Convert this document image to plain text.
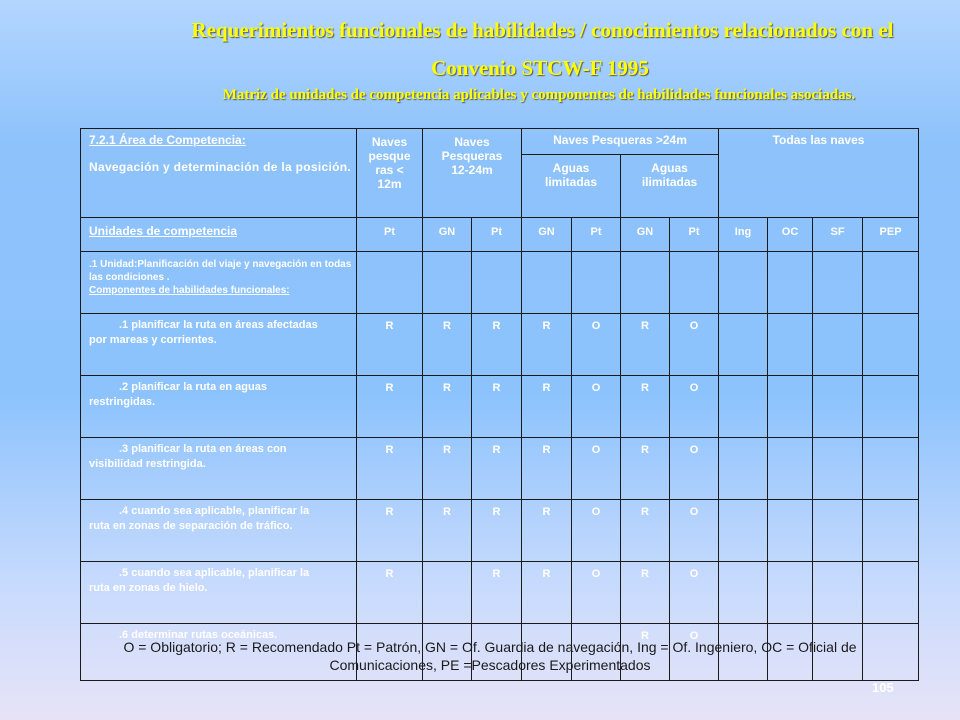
Requerimientos funcionales de habilidades / conocimientos relacionados con el
Convenio STCW-F 1995
Matriz de unidades de competencia aplicables y componentes de habilidades funcionales asociadas.
7.2.1 Área de Competencia:
Navegación y determinación de la posición.	Naves pesque ras < 12m	Naves Pesqueras 12-24m		Naves Pesqueras >24m				Todas las naves			
				Aguas limitadas		Aguas ilimitadas					
Unidades de competencia	Pt	GN	Pt	GN	Pt	GN	Pt	Ing	OC	SF	PEP

.1 Unidad:Planificación del viaje y navegación en todas las condiciones .
Componentes de habilidades funcionales:											

.1 planificar la ruta en áreas afectadas
por mareas y corrientes.	R	R	R	R	O	R	O				

.2 planificar la ruta en aguas
restringidas.	R	R	R	R	O	R	O				

.3 planificar la ruta en áreas con
visibilidad restringida.	R	R	R	R	O	R	O				

.4 cuando sea aplicable, planificar la
ruta en zonas de separación de tráfico.	R	R	R	R	O	R	O				

.5 cuando sea aplicable, planificar la
ruta en zonas de hielo.	R		R	R	O	R	O				

.6 determinar rutas oceánicas.						R	O				
O = Obligatorio; R = Recomendado Pt = Patrón, GN = Of. Guardia de navegación, Ing = Of. Ingeniero, OC = Oficial de
Comunicaciones, PE =Pescadores Experimentados
105
